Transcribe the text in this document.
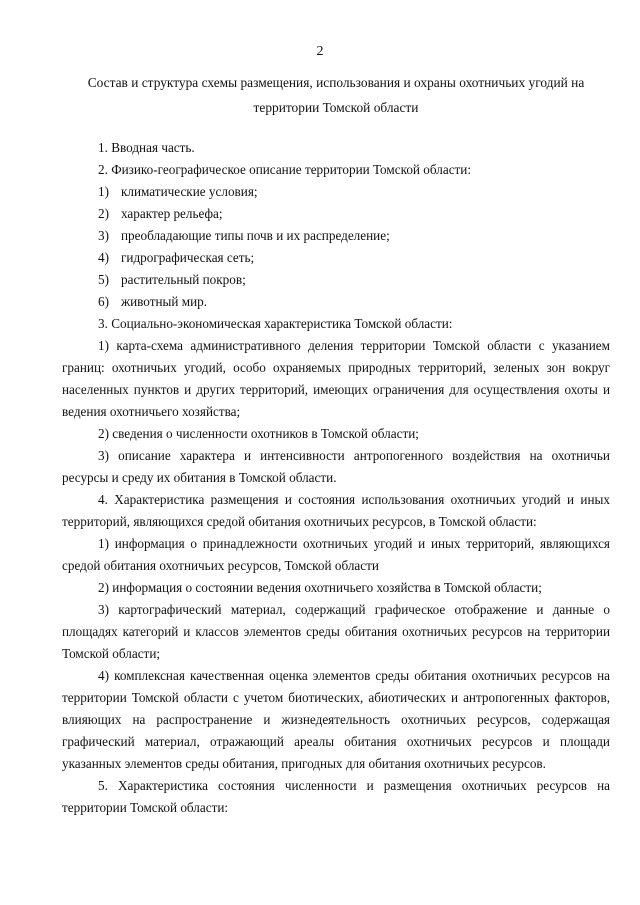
2
Состав и структура схемы размещения, использования и охраны охотничьих угодий на территории Томской области

1. Вводная часть.

2. Физико-географическое описание территории Томской области:

1) климатические условия;

2) характер рельефа;

3) преобладающие типы почв и их распределение;

4) гидрографическая сеть;

5) растительный покров;

6) животный мир.

3. Социально-экономическая характеристика Томской области:

1) карта-схема административного деления территории Томской области с указанием границ: охотничьих угодий, особо охраняемых природных территорий, зеленых зон вокруг населенных пунктов и других территорий, имеющих ограничения для осуществления охоты и ведения охотничьего хозяйства;

2) сведения о численности охотников в Томской области;

3) описание характера и интенсивности антропогенного воздействия на охотничьи ресурсы и среду их обитания в Томской области.

4. Характеристика размещения и состояния использования охотничьих угодий и иных территорий, являющихся средой обитания охотничьих ресурсов, в Томской области:

1) информация о принадлежности охотничьих угодий и иных территорий, являющихся средой обитания охотничьих ресурсов, Томской области

2) информация о состоянии ведения охотничьего хозяйства в Томской области;

3) картографический материал, содержащий графическое отображение и данные о площадях категорий и классов элементов среды обитания охотничьих ресурсов на территории Томской области;

4) комплексная качественная оценка элементов среды обитания охотничьих ресурсов на территории Томской области с учетом биотических, абиотических и антропогенных факторов, влияющих на распространение и жизнедеятельность охотничьих ресурсов, содержащая графический материал, отражающий ареалы обитания охотничьих ресурсов и площади указанных элементов среды обитания, пригодных для обитания охотничьих ресурсов.

5. Характеристика состояния численности и размещения охотничьих ресурсов на территории Томской области:
